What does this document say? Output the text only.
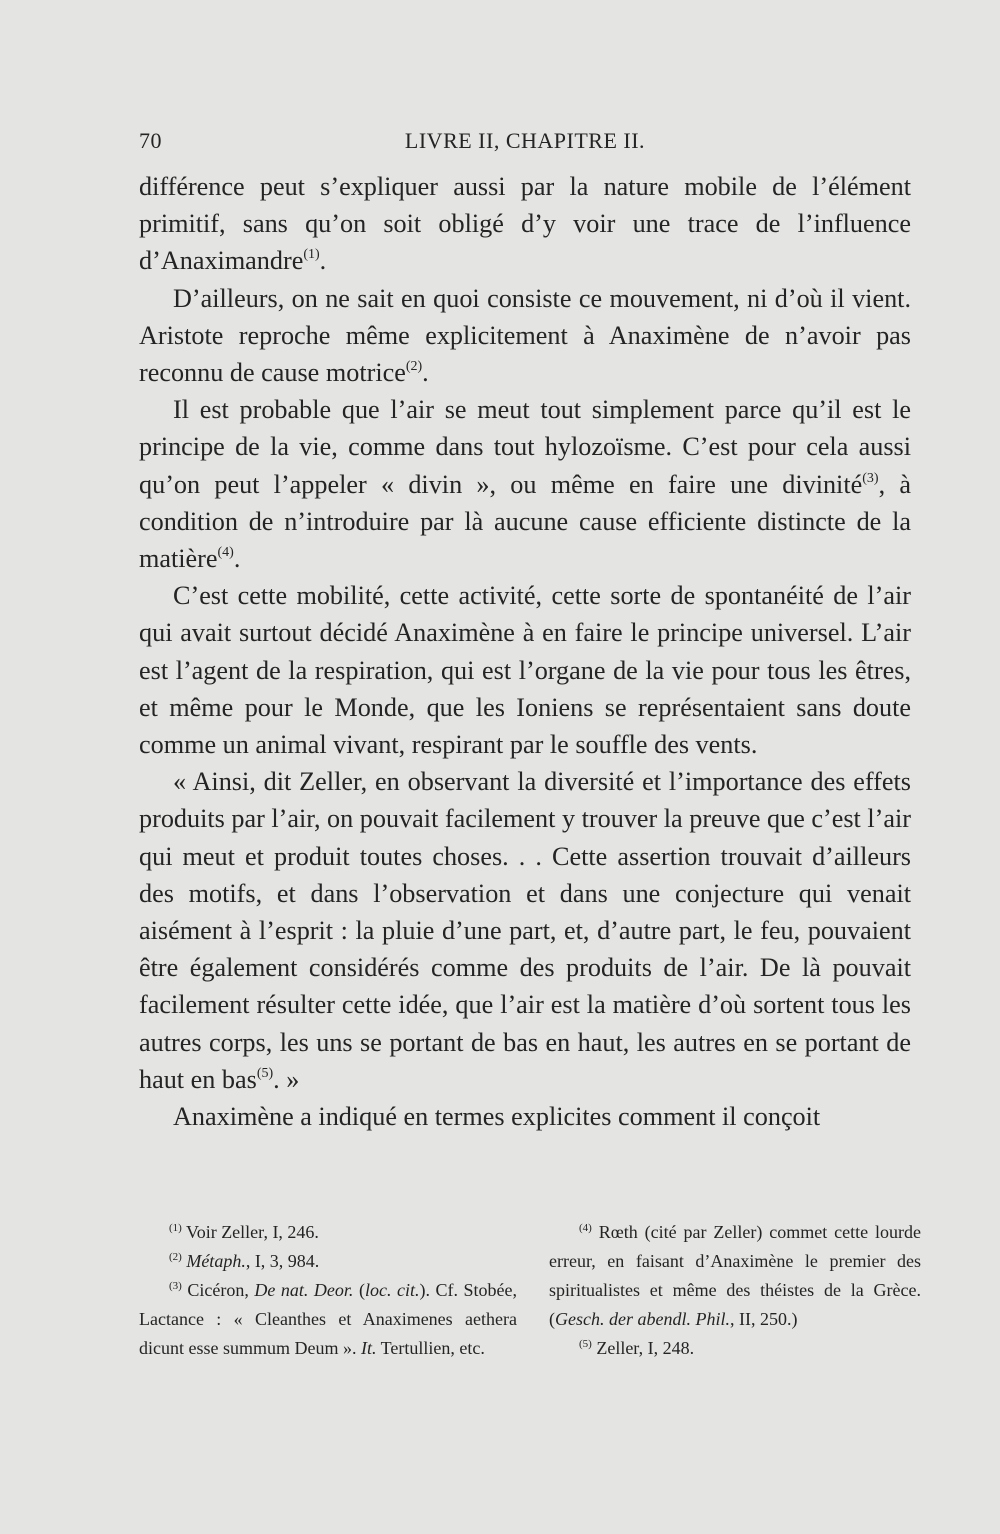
70	LIVRE II, CHAPITRE II.

différence peut s’expliquer aussi par la nature mobile de l’élément primitif, sans qu’on soit obligé d’y voir une trace de l’influence d’Anaximandre$^{(1)}$.

D’ailleurs, on ne sait en quoi consiste ce mouvement, ni d’où il vient. Aristote reproche même explicitement à Anaximène de n’avoir pas reconnu de cause motrice$^{(2)}$.

Il est probable que l’air se meut tout simplement parce qu’il est le principe de la vie, comme dans tout hylozoïsme. C’est pour cela aussi qu’on peut l’appeler « divin », ou même en faire une divinité$^{(3)}$, à condition de n’introduire par là aucune cause efficiente distincte de la matière$^{(4)}$.

C’est cette mobilité, cette activité, cette sorte de spontanéité de l’air qui avait surtout décidé Anaximène à en faire le principe universel. L’air est l’agent de la respiration, qui est l’organe de la vie pour tous les êtres, et même pour le Monde, que les Ioniens se représentaient sans doute comme un animal vivant, respirant par le souffle des vents.

« Ainsi, dit Zeller, en observant la diversité et l’importance des effets produits par l’air, on pouvait facilement y trouver la preuve que c’est l’air qui meut et produit toutes choses. . . Cette assertion trouvait d’ailleurs des motifs, et dans l’observation et dans une conjecture qui venait aisément à l’esprit : la pluie d’une part, et, d’autre part, le feu, pouvaient être également considérés comme des produits de l’air. De là pouvait facilement résulter cette idée, que l’air est la matière d’où sortent tous les autres corps, les uns se portant de bas en haut, les autres en se portant de haut en bas$^{(5)}$. »

Anaximène a indiqué en termes explicites comment il conçoit

$^{(1)}$ Voir Zeller, I, 246.

$^{(2)}$ Métaph., I, 3, 984.

$^{(3)}$ Cicéron, De nat. Deor. (loc. cit.). Cf. Stobée, Lactance : « Cleanthes et Anaximenes aethera dicunt esse summum Deum ». It. Tertullien, etc.

$^{(4)}$ Rœth (cité par Zeller) commet cette lourde erreur, en faisant d’Anaximène le premier des spiritualistes et même des théistes de la Grèce. (Gesch. der abendl. Phil., II, 250.)

$^{(5)}$ Zeller, I, 248.
